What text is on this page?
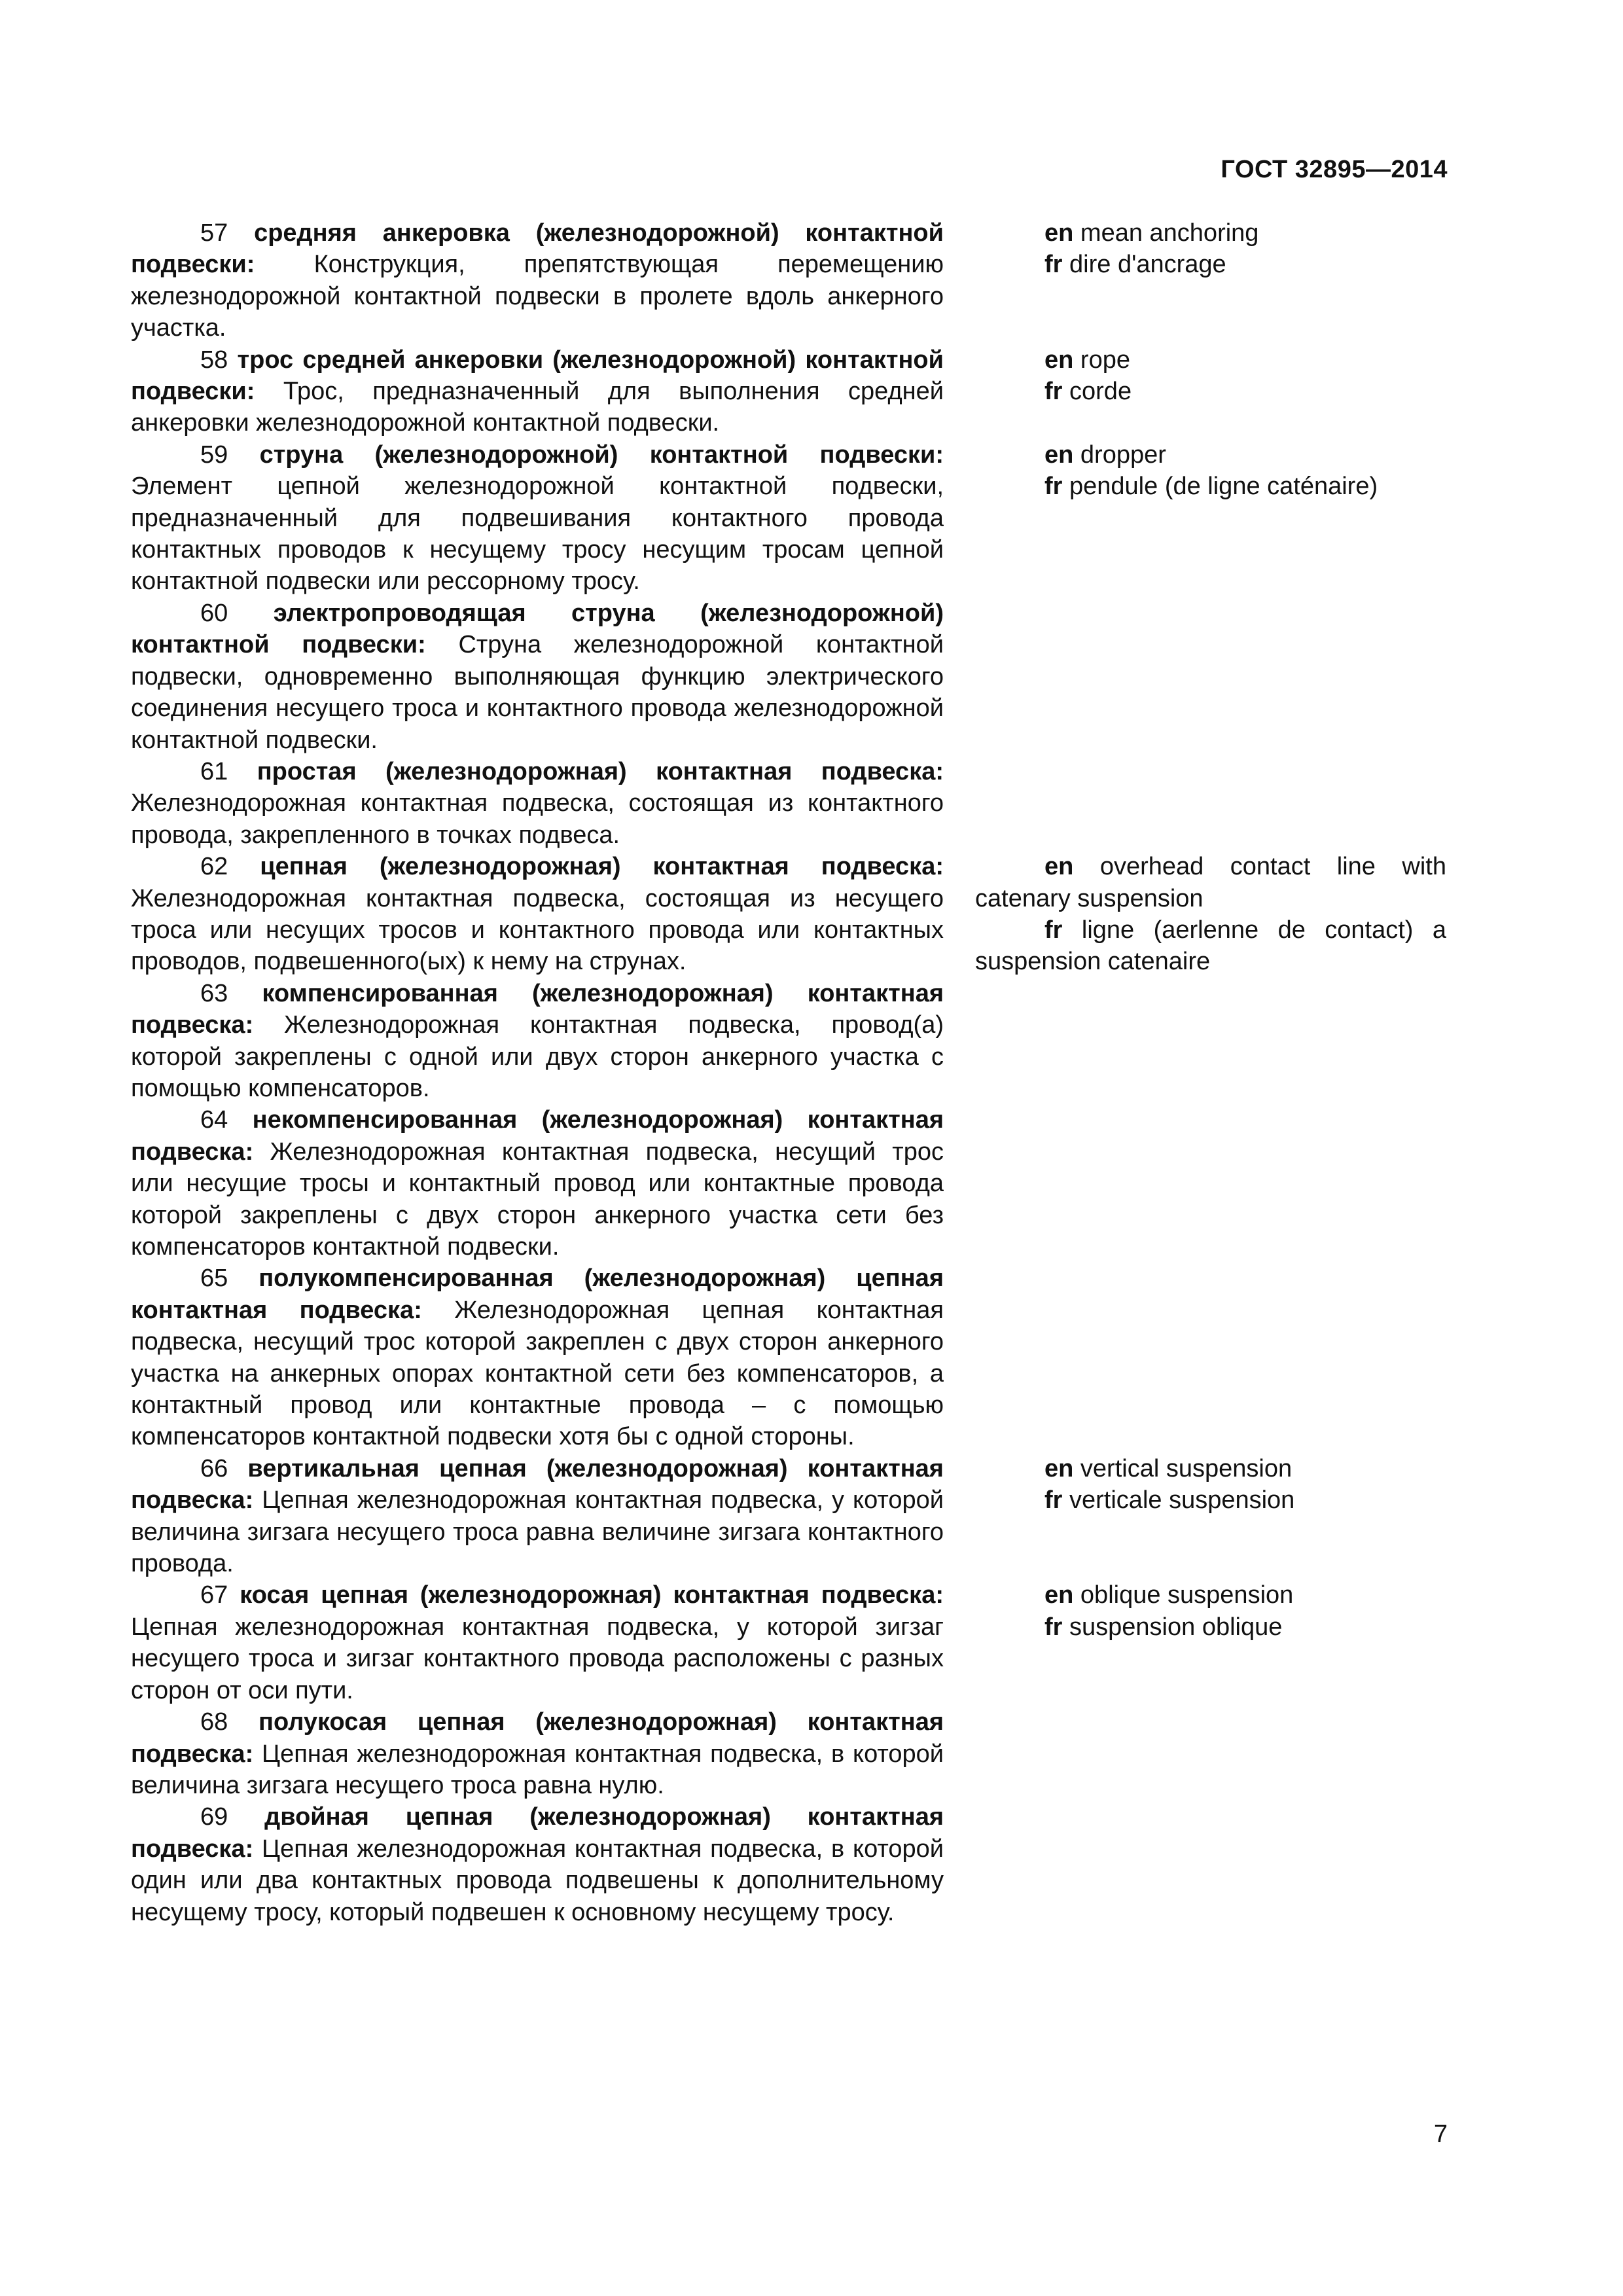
ГОСТ 32895—2014
57 средняя анкеровка (железнодорожной) контактной подвески: Конструкция, препятствующая перемещению железнодорожной контактной подвески в пролете вдоль анкерного участка.
en mean anchoring
fr dire d'ancrage
58 трос средней анкеровки (железнодорожной) контактной подвески: Трос, предназначенный для выполнения средней анкеровки железнодорожной контактной подвески.
en rope
fr corde
59 струна (железнодорожной) контактной подвески: Элемент цепной железнодорожной контактной подвески, предназначенный для подвешивания контактного провода контактных проводов к несущему тросу несущим тросам цепной контактной подвески или рессорному тросу.
en dropper
fr pendule (de ligne caténaire)
60 электропроводящая струна (железнодорожной) контактной подвески: Струна железнодорожной контактной подвески, одновременно выполняющая функцию электрического соединения несущего троса и контактного провода железнодорожной контактной подвески.
61 простая (железнодорожная) контактная подвеска: Железнодорожная контактная подвеска, состоящая из контактного провода, закрепленного в точках подвеса.
62 цепная (железнодорожная) контактная подвеска: Железнодорожная контактная подвеска, состоящая из несущего троса или несущих тросов и контактного провода или контактных проводов, подвешенного(ых) к нему на струнах.
en overhead contact line with catenary suspension
fr ligne (aerlenne de contact) a suspension catenaire
63 компенсированная (железнодорожная) контактная подвеска: Железнодорожная контактная подвеска, провод(а) которой закреплены с одной или двух сторон анкерного участка с помощью компенсаторов.
64 некомпенсированная (железнодорожная) контактная подвеска: Железнодорожная контактная подвеска, несущий трос или несущие тросы и контактный провод или контактные провода которой закреплены с двух сторон анкерного участка сети без компенсаторов контактной подвески.
65 полукомпенсированная (железнодорожная) цепная контактная подвеска: Железнодорожная цепная контактная подвеска, несущий трос которой закреплен с двух сторон анкерного участка на анкерных опорах контактной сети без компенсаторов, а контактный провод или контактные провода – с помощью компенсаторов контактной подвески хотя бы с одной стороны.
66 вертикальная цепная (железнодорожная) контактная подвеска: Цепная железнодорожная контактная подвеска, у которой величина зигзага несущего троса равна величине зигзага контактного провода.
en vertical suspension
fr verticale suspension
67 косая цепная (железнодорожная) контактная подвеска: Цепная железнодорожная контактная подвеска, у которой зигзаг несущего троса и зигзаг контактного провода расположены с разных сторон от оси пути.
en oblique suspension
fr suspension oblique
68 полукосая цепная (железнодорожная) контактная подвеска: Цепная железнодорожная контактная подвеска, в которой величина зигзага несущего троса равна нулю.
69 двойная цепная (железнодорожная) контактная подвеска: Цепная железнодорожная контактная подвеска, в которой один или два контактных провода подвешены к дополнительному несущему тросу, который подвешен к основному несущему тросу.
7
